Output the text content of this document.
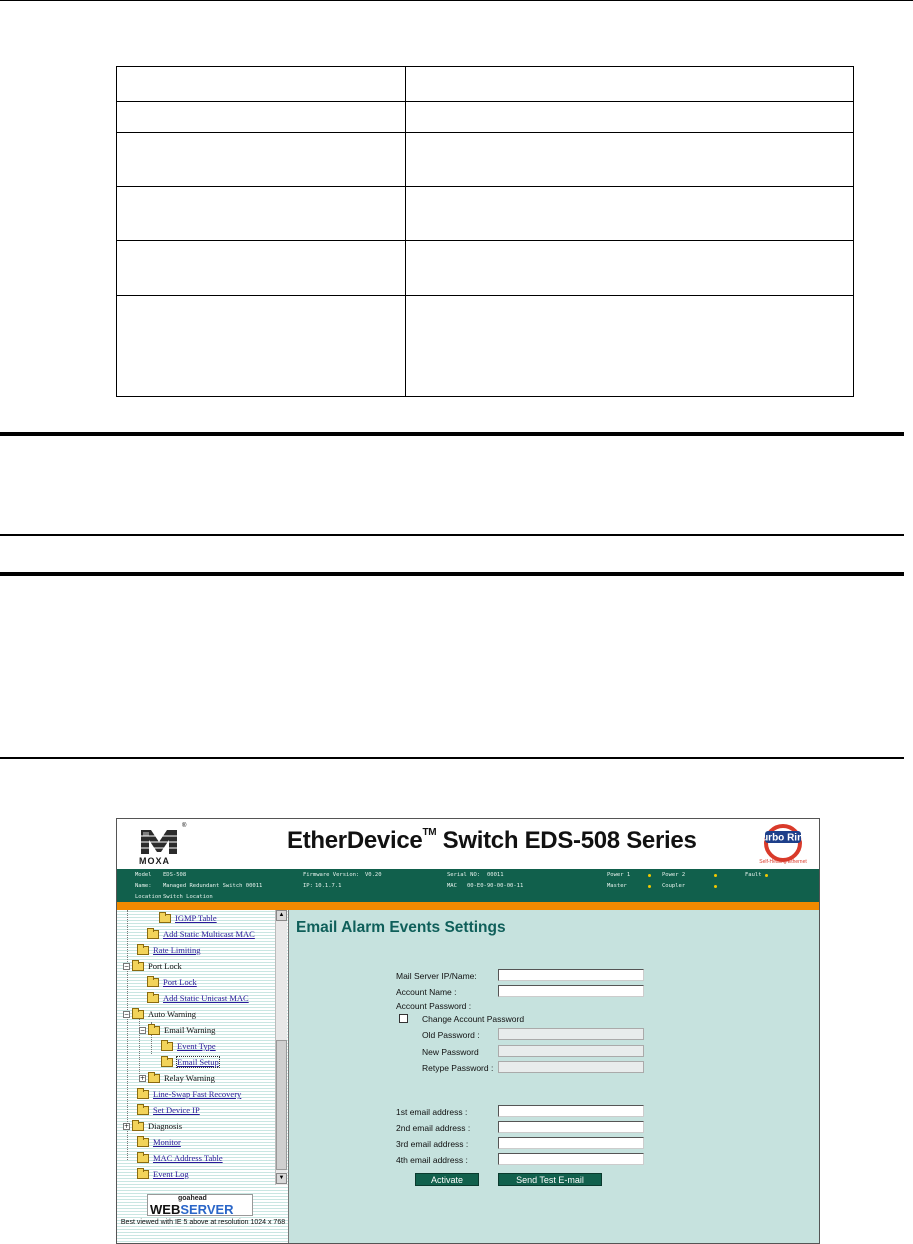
MOXA
®
EtherDevice™ Switch EDS-508 Series	Turbo Ring
Self-Healing Ethernet
Model EDS-508
Name: Managed Redundant Switch 00011
Location Switch Location
Firmware Version: V0.20
IP: 10.1.7.1
Serial NO: 00011
MAC 00-E0-90-00-00-11
Power 1
Master
Power 2
Coupler
Fault
IGMP Table
Add Static Multicast MAC
Rate Limiting
− Port Lock
Port Lock
Add Static Unicast MAC
− Auto Warning
− Email Warning
Event Type
Email Setup
+ Relay Warning
Line-Swap Fast Recovery
Set Device IP
+ Diagnosis
Monitor
MAC Address Table
Event Log
▲
▼
goahead
WEBSERVER
Best viewed with IE 5 above at resolution 1024 x 768
Email Alarm Events Settings
Mail Server IP/Name:
Account Name :
Account Password :
Change Account Password
Old Password :
New Password
Retype Password :
1st email address :
2nd email address :
3rd email address :
4th email address :
Activate	Send Test E-mail
